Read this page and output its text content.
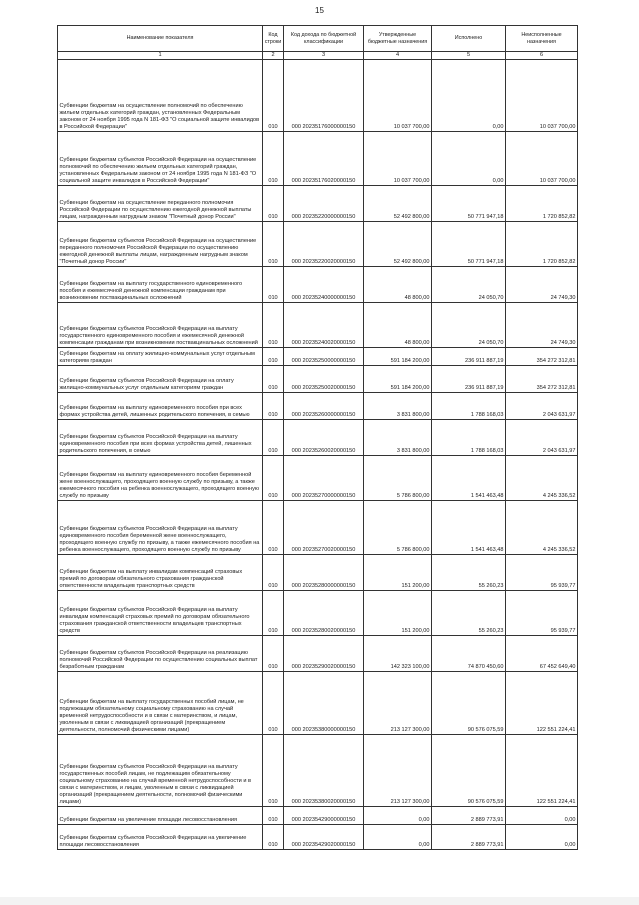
15
Наименование показателя	Код строки	Код дохода по бюджетной классификации	Утвержденные бюджетные назначения	Исполнено	Неисполненные назначения
1	2	3	4	5	6
Субвенции бюджетам на осуществление полномочий по обеспечению жильем отдельных категорий граждан, установленных Федеральным законом от 24 ноября 1995 года N 181-ФЗ "О социальной защите инвалидов в Российской Федерации"	010	000 20235176000000150	10 037 700,00	0,00	10 037 700,00
Субвенции бюджетам субъектов Российской Федерации на осуществление полномочий по обеспечению жильем отдельных категорий граждан, установленных Федеральным законом от 24 ноября 1995 года N 181-ФЗ "О социальной защите инвалидов в Российской Федерации"	010	000 20235176020000150	10 037 700,00	0,00	10 037 700,00
Субвенции бюджетам на осуществление переданного полномочия Российской Федерации по осуществлению ежегодной денежной выплаты лицам, награжденным нагрудным знаком "Почетный донор России"	010	000 20235220000000150	52 492 800,00	50 771 947,18	1 720 852,82
Субвенции бюджетам субъектов Российской Федерации на осуществление переданного полномочия Российской Федерации по осуществлению ежегодной денежной выплаты лицам, награжденным нагрудным знаком "Почетный донор России"	010	000 20235220020000150	52 492 800,00	50 771 947,18	1 720 852,82
Субвенции бюджетам на выплату государственного единовременного пособия и ежемесячной денежной компенсации гражданам при возникновении поствакцинальных осложнений	010	000 20235240000000150	48 800,00	24 050,70	24 749,30
Субвенции бюджетам субъектов Российской Федерации на выплату государственного единовременного пособия и ежемесячной денежной компенсации гражданам при возникновении поствакцинальных осложнений	010	000 20235240020000150	48 800,00	24 050,70	24 749,30
Субвенции бюджетам на оплату жилищно-коммунальных услуг отдельным категориям граждан	010	000 20235250000000150	591 184 200,00	236 911 887,19	354 272 312,81
Субвенции бюджетам субъектов Российской Федерации на оплату жилищно-коммунальных услуг отдельным категориям граждан	010	000 20235250020000150	591 184 200,00	236 911 887,19	354 272 312,81
Субвенции бюджетам на выплату единовременного пособия при всех формах устройства детей, лишенных родительского попечения, в семью	010	000 20235260000000150	3 831 800,00	1 788 168,03	2 043 631,97
Субвенции бюджетам субъектов Российской Федерации на выплату единовременного пособия при всех формах устройства детей, лишенных родительского попечения, в семью	010	000 20235260020000150	3 831 800,00	1 788 168,03	2 043 631,97
Субвенции бюджетам на выплату единовременного пособия беременной жене военнослужащего, проходящего военную службу по призыву, а также ежемесячного пособия на ребенка военнослужащего, проходящего военную службу по призыву	010	000 20235270000000150	5 786 800,00	1 541 463,48	4 245 336,52
Субвенции бюджетам субъектов Российской Федерации на выплату единовременного пособия беременной жене военнослужащего, проходящего военную службу по призыву, а также ежемесячного пособия на ребенка военнослужащего, проходящего военную службу по призыву	010	000 20235270020000150	5 786 800,00	1 541 463,48	4 245 336,52
Субвенции бюджетам на выплату инвалидам компенсаций страховых премий по договорам обязательного страхования гражданской ответственности владельцев транспортных средств	010	000 20235280000000150	151 200,00	55 260,23	95 939,77
Субвенции бюджетам субъектов Российской Федерации на выплату инвалидам компенсаций страховых премий по договорам обязательного страхования гражданской ответственности владельцев транспортных средств	010	000 20235280020000150	151 200,00	55 260,23	95 939,77
Субвенции бюджетам субъектов Российской Федерации на реализацию полномочий Российской Федерации по осуществлению социальных выплат безработным гражданам	010	000 20235290020000150	142 323 100,00	74 870 450,60	67 452 649,40
Субвенции бюджетам на выплату государственных пособий лицам, не подлежащим обязательному социальному страхованию на случай временной нетрудоспособности и в связи с материнством, и лицам, уволенным в связи с ликвидацией организаций (прекращением деятельности, полномочий физическими лицами)	010	000 20235380000000150	213 127 300,00	90 576 075,59	122 551 224,41
Субвенции бюджетам субъектов Российской Федерации на выплату государственных пособий лицам, не подлежащим обязательному социальному страхованию на случай временной нетрудоспособности и в связи с материнством, и лицам, уволенным в связи с ликвидацией организаций (прекращением деятельности, полномочий физическими лицами)	010	000 20235380020000150	213 127 300,00	90 576 075,59	122 551 224,41
Субвенции бюджетам на увеличение площади лесовосстановления	010	000 20235429000000150	0,00	2 889 773,91	0,00
Субвенции бюджетам субъектов Российской Федерации на увеличение площади лесовосстановления	010	000 20235429020000150	0,00	2 889 773,91	0,00
